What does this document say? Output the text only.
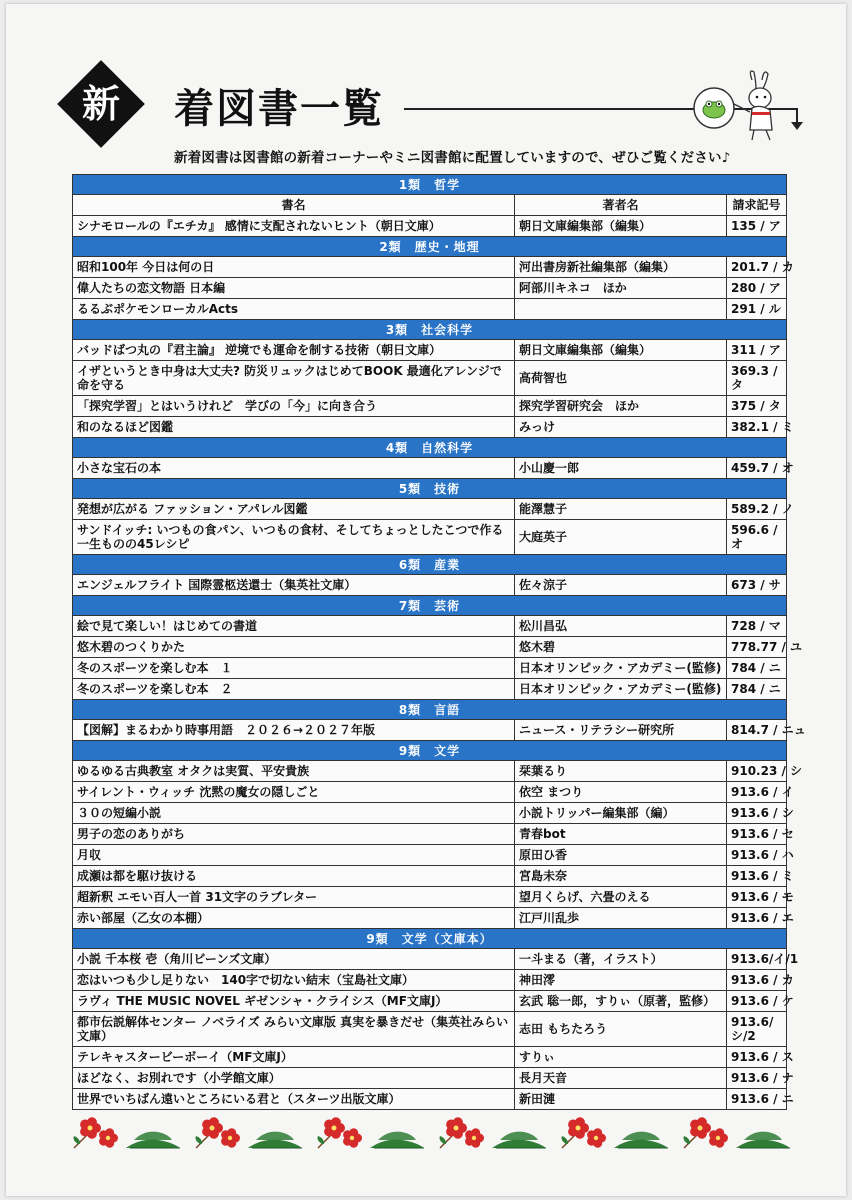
新	着図書一覧
新着図書は図書館の新着コーナーやミニ図書館に配置していますので、ぜひご覧ください♪
1類　哲学		
書名	著者名	請求記号
シナモロールの『エチカ』 感情に支配されないヒント（朝日文庫）	朝日文庫編集部（編集）	135 / ア
2類　歴史・地理		
昭和100年 今日は何の日	河出書房新社編集部（編集）	201.7 / カ
偉人たちの恋文物語 日本編	阿部川キネコ　ほか	280 / ア
るるぶポケモンローカルActs		291 / ル
3類　社会科学		
バッドばつ丸の『君主論』 逆境でも運命を制する技術（朝日文庫）	朝日文庫編集部（編集）	311 / ア
イザというとき中身は大丈夫? 防災リュックはじめてBOOK 最適化アレンジで命を守る	高荷智也	369.3 / タ
「探究学習」とはいうけれど　学びの「今」に向き合う	探究学習研究会　ほか	375 / タ
和のなるほど図鑑	みっけ	382.1 / ミ
4類　自然科学		
小さな宝石の本	小山慶一郎	459.7 / オ
5類　技術		
発想が広がる ファッション・アパレル図鑑	能澤慧子	589.2 / ノ
サンドイッチ: いつもの食パン、いつもの食材、そしてちょっとしたこつで作る一生ものの45レシピ	大庭英子	596.6 / オ
6類　産業		
エンジェルフライト 国際霊柩送還士（集英社文庫）	佐々涼子	673 / サ
7類　芸術		
絵で見て楽しい！はじめての書道	松川昌弘	728 / マ
悠木碧のつくりかた	悠木碧	778.77 / ユ
冬のスポーツを楽しむ本　１	日本オリンピック・アカデミー(監修)	784 / ニ
冬のスポーツを楽しむ本　２	日本オリンピック・アカデミー(監修)	784 / ニ
8類　言語		
【図解】まるわかり時事用語　２０２６→２０２７年版	ニュース・リテラシー研究所	814.7 / ニュ
9類　文学		
ゆるゆる古典教室 オタクは実質、平安貴族	栞葉るり	910.23 / シ
サイレント・ウィッチ 沈黙の魔女の隠しごと	依空 まつり	913.6 / イ
３０の短編小説	小説トリッパー編集部（編）	913.6 / シ
男子の恋のありがち	青春bot	913.6 / セ
月収	原田ひ香	913.6 / ハ
成瀬は都を駆け抜ける	宮島未奈	913.6 / ミ
超新釈 エモい百人一首 31文字のラブレター	望月くらげ、六畳のえる	913.6 / モ
赤い部屋（乙女の本棚）	江戸川乱歩	913.6 / エ
9類　文学（文庫本）		
小説 千本桜 壱（角川ビーンズ文庫）	一斗まる（著，イラスト）	913.6/イ/1
恋はいつも少し足りない　140字で切ない結末（宝島社文庫）	神田澪	913.6 / カ
ラヴィ THE MUSIC NOVEL ギゼンシャ・クライシス（MF文庫J）	玄武 聡一郎，すりぃ（原著，監修）	913.6 / ケ
都市伝説解体センター ノベライズ みらい文庫版 真実を暴きだせ（集英社みらい文庫）	志田 もちたろう	913.6/シ/2
テレキャスタービーボーイ（MF文庫J）	すりぃ	913.6 / ス
ほどなく、お別れです（小学館文庫）	長月天音	913.6 / ナ
世界でいちばん遠いところにいる君と（スターツ出版文庫）	新田漣	913.6 / ニ
